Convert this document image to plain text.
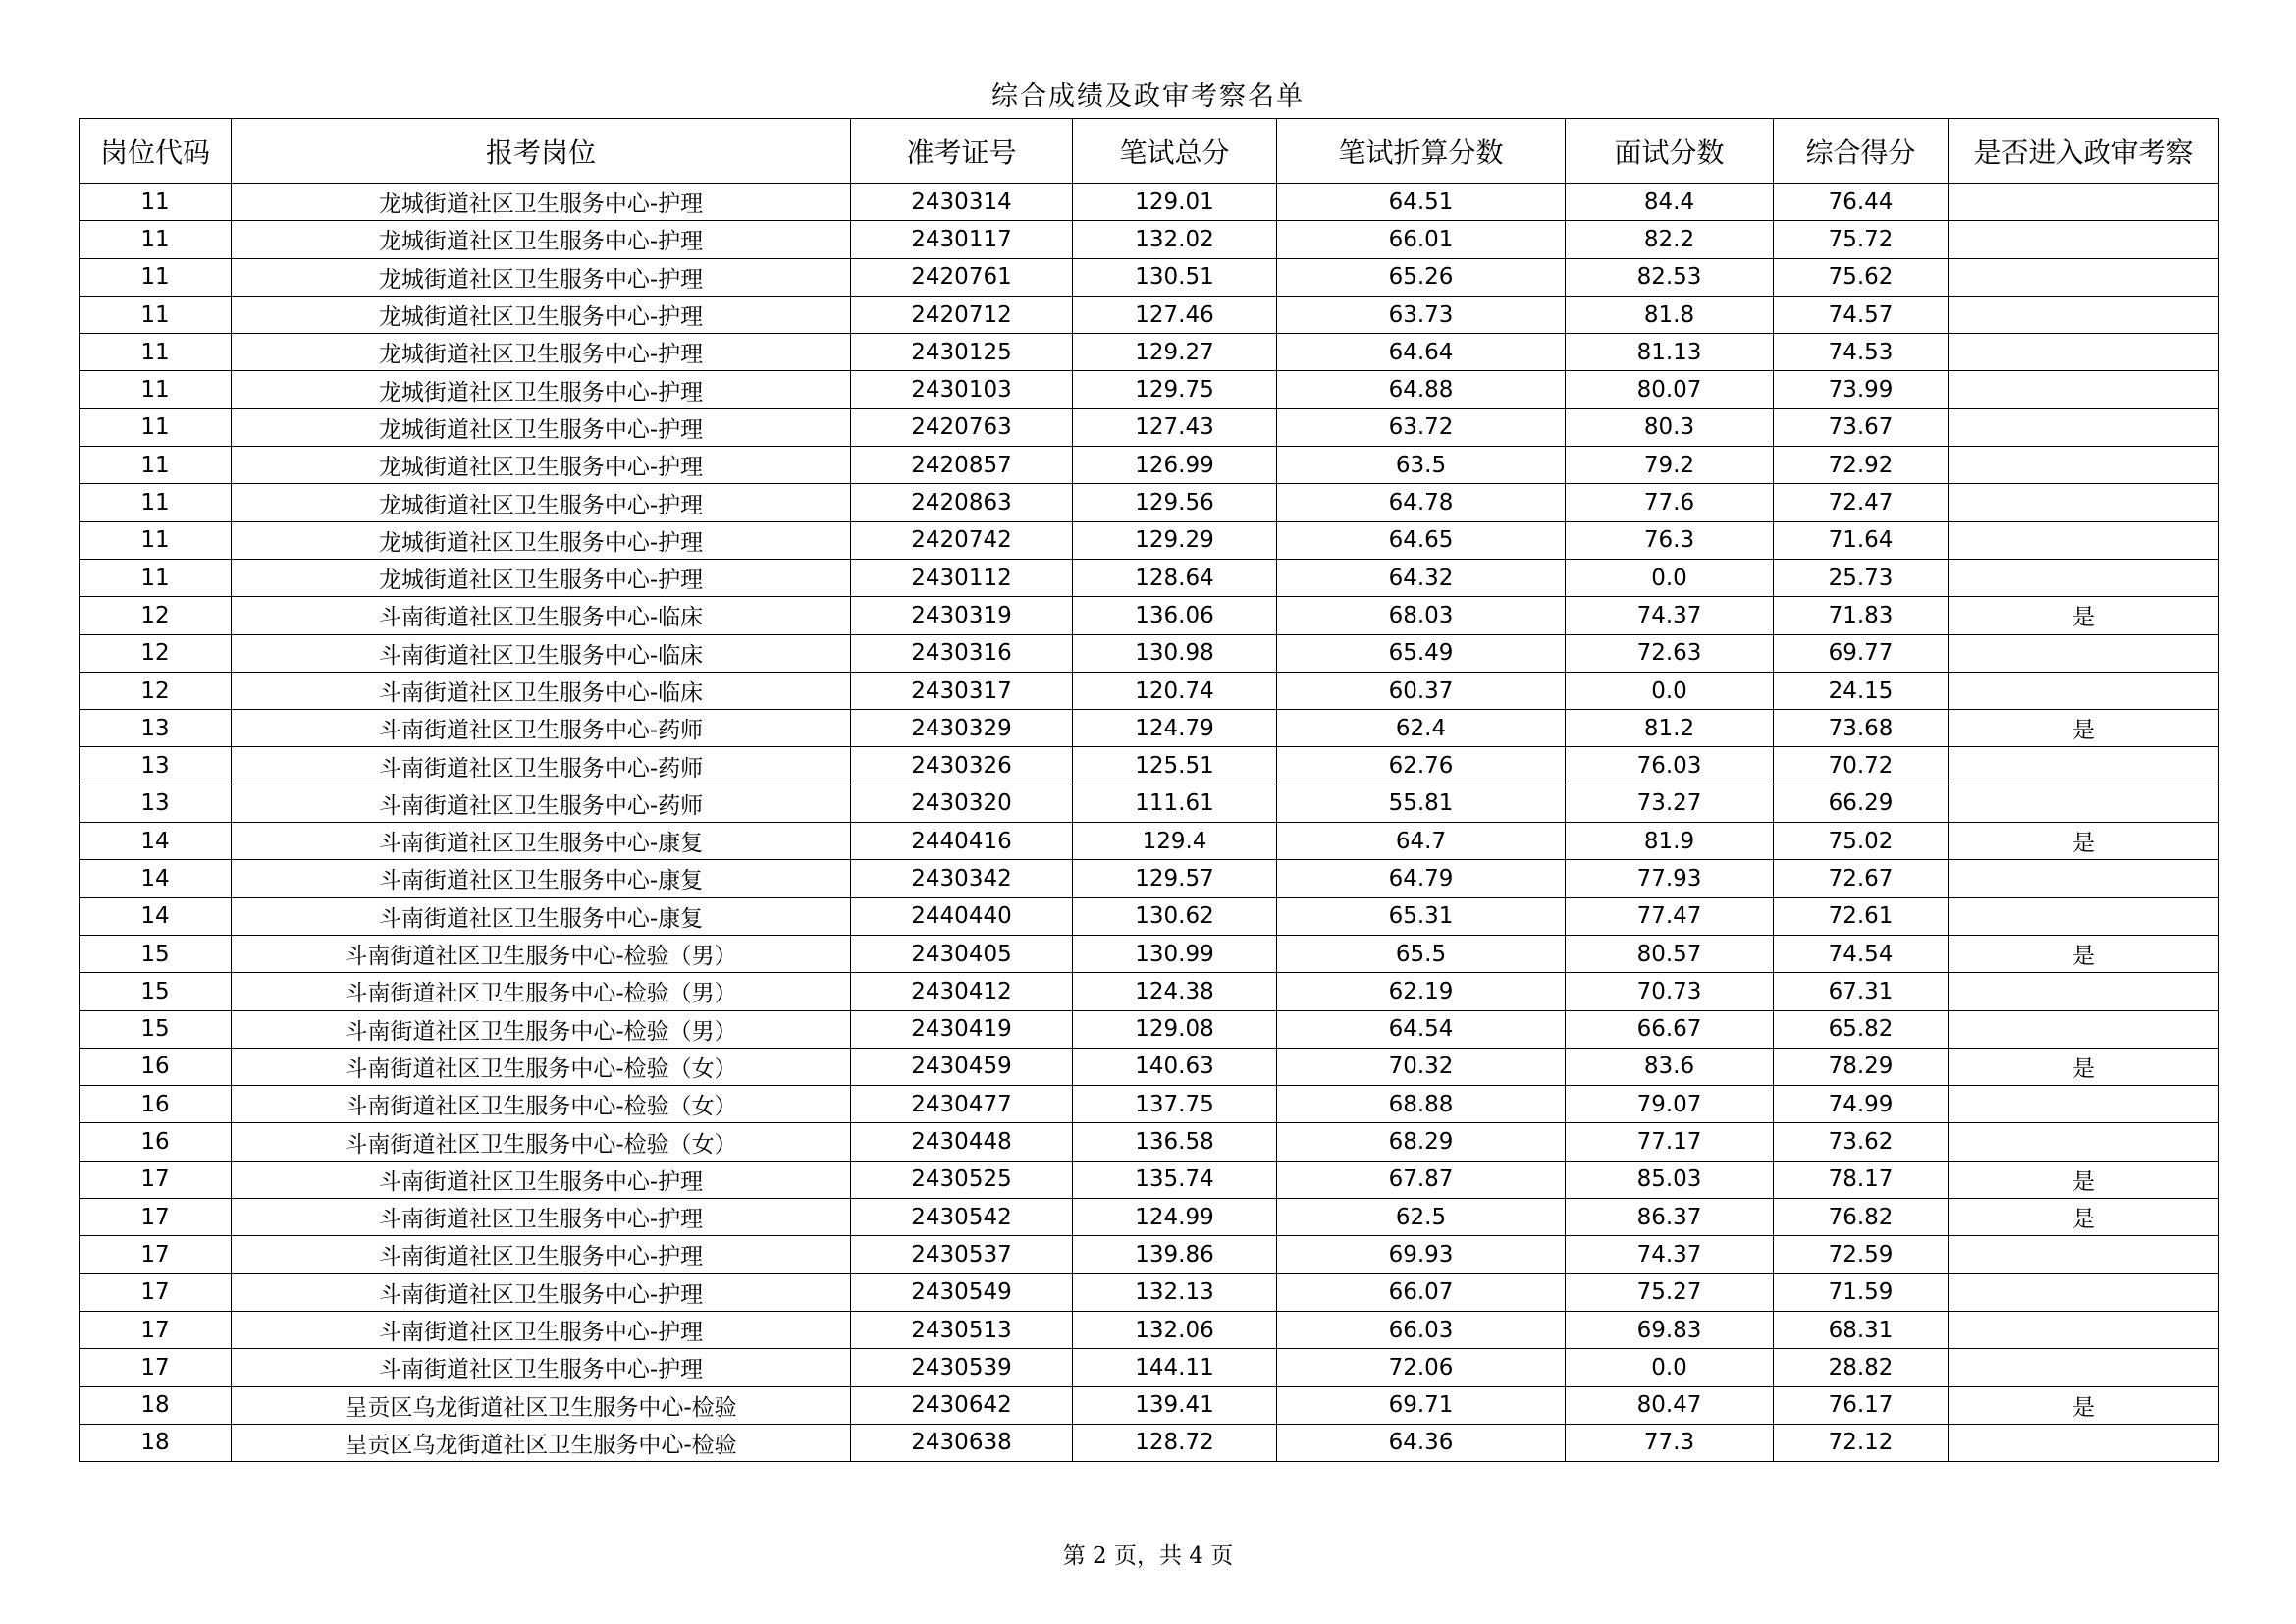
综合成绩及政审考察名单
岗位代码	报考岗位	准考证号	笔试总分	笔试折算分数	面试分数	综合得分	是否进入政审考察
11	龙城街道社区卫生服务中心-护理	2430314	129.01	64.51	84.4	76.44	
11	龙城街道社区卫生服务中心-护理	2430117	132.02	66.01	82.2	75.72	
11	龙城街道社区卫生服务中心-护理	2420761	130.51	65.26	82.53	75.62	
11	龙城街道社区卫生服务中心-护理	2420712	127.46	63.73	81.8	74.57	
11	龙城街道社区卫生服务中心-护理	2430125	129.27	64.64	81.13	74.53	
11	龙城街道社区卫生服务中心-护理	2430103	129.75	64.88	80.07	73.99	
11	龙城街道社区卫生服务中心-护理	2420763	127.43	63.72	80.3	73.67	
11	龙城街道社区卫生服务中心-护理	2420857	126.99	63.5	79.2	72.92	
11	龙城街道社区卫生服务中心-护理	2420863	129.56	64.78	77.6	72.47	
11	龙城街道社区卫生服务中心-护理	2420742	129.29	64.65	76.3	71.64	
11	龙城街道社区卫生服务中心-护理	2430112	128.64	64.32	0.0	25.73	
12	斗南街道社区卫生服务中心-临床	2430319	136.06	68.03	74.37	71.83	是
12	斗南街道社区卫生服务中心-临床	2430316	130.98	65.49	72.63	69.77	
12	斗南街道社区卫生服务中心-临床	2430317	120.74	60.37	0.0	24.15	
13	斗南街道社区卫生服务中心-药师	2430329	124.79	62.4	81.2	73.68	是
13	斗南街道社区卫生服务中心-药师	2430326	125.51	62.76	76.03	70.72	
13	斗南街道社区卫生服务中心-药师	2430320	111.61	55.81	73.27	66.29	
14	斗南街道社区卫生服务中心-康复	2440416	129.4	64.7	81.9	75.02	是
14	斗南街道社区卫生服务中心-康复	2430342	129.57	64.79	77.93	72.67	
14	斗南街道社区卫生服务中心-康复	2440440	130.62	65.31	77.47	72.61	
15	斗南街道社区卫生服务中心-检验（男）	2430405	130.99	65.5	80.57	74.54	是
15	斗南街道社区卫生服务中心-检验（男）	2430412	124.38	62.19	70.73	67.31	
15	斗南街道社区卫生服务中心-检验（男）	2430419	129.08	64.54	66.67	65.82	
16	斗南街道社区卫生服务中心-检验（女）	2430459	140.63	70.32	83.6	78.29	是
16	斗南街道社区卫生服务中心-检验（女）	2430477	137.75	68.88	79.07	74.99	
16	斗南街道社区卫生服务中心-检验（女）	2430448	136.58	68.29	77.17	73.62	
17	斗南街道社区卫生服务中心-护理	2430525	135.74	67.87	85.03	78.17	是
17	斗南街道社区卫生服务中心-护理	2430542	124.99	62.5	86.37	76.82	是
17	斗南街道社区卫生服务中心-护理	2430537	139.86	69.93	74.37	72.59	
17	斗南街道社区卫生服务中心-护理	2430549	132.13	66.07	75.27	71.59	
17	斗南街道社区卫生服务中心-护理	2430513	132.06	66.03	69.83	68.31	
17	斗南街道社区卫生服务中心-护理	2430539	144.11	72.06	0.0	28.82	
18	呈贡区乌龙街道社区卫生服务中心-检验	2430642	139.41	69.71	80.47	76.17	是
18	呈贡区乌龙街道社区卫生服务中心-检验	2430638	128.72	64.36	77.3	72.12	
第 2 页，共 4 页
